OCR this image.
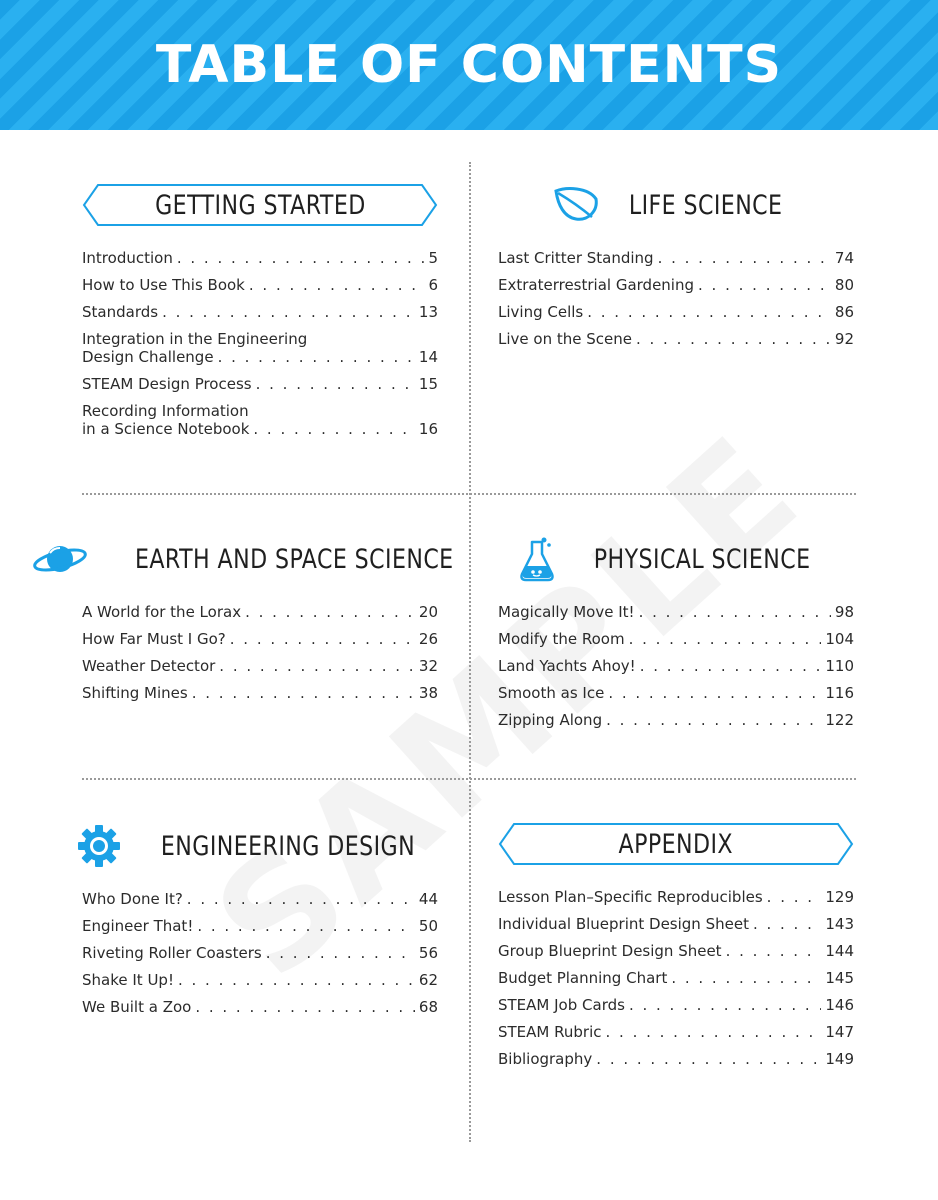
TABLE OF CONTENTS
GETTING STARTED
Introduction . . .	5
How to Use This Book . . .	6
Standards . . .	13
Integration in the Engineering
Design Challenge . . .	14
STEAM Design Process . . .	15
Recording Information
in a Science Notebook . . .	16
LIFE SCIENCE
Last Critter Standing . . .	74
Extraterrestrial Gardening . . .	80
Living Cells . . .	86
Live on the Scene . . .	92
EARTH AND SPACE SCIENCE
A World for the Lorax . . .	20
How Far Must I Go? . . .	26
Weather Detector . . .	32
Shifting Mines . . .	38
PHYSICAL SCIENCE
Magically Move It! . . .	98
Modify the Room . . .	104
Land Yachts Ahoy! . . .	110
Smooth as Ice . . .	116
Zipping Along . . .	122
ENGINEERING DESIGN
Who Done It? . . .	44
Engineer That! . . .	50
Riveting Roller Coasters . . .	56
Shake It Up! . . .	62
We Built a Zoo . . .	68
APPENDIX
Lesson Plan–Specific Reproducibles . . .	129
Individual Blueprint Design Sheet . . .	143
Group Blueprint Design Sheet . . .	144
Budget Planning Chart . . .	145
STEAM Job Cards . . .	146
STEAM Rubric . . .	147
Bibliography . . .	149
